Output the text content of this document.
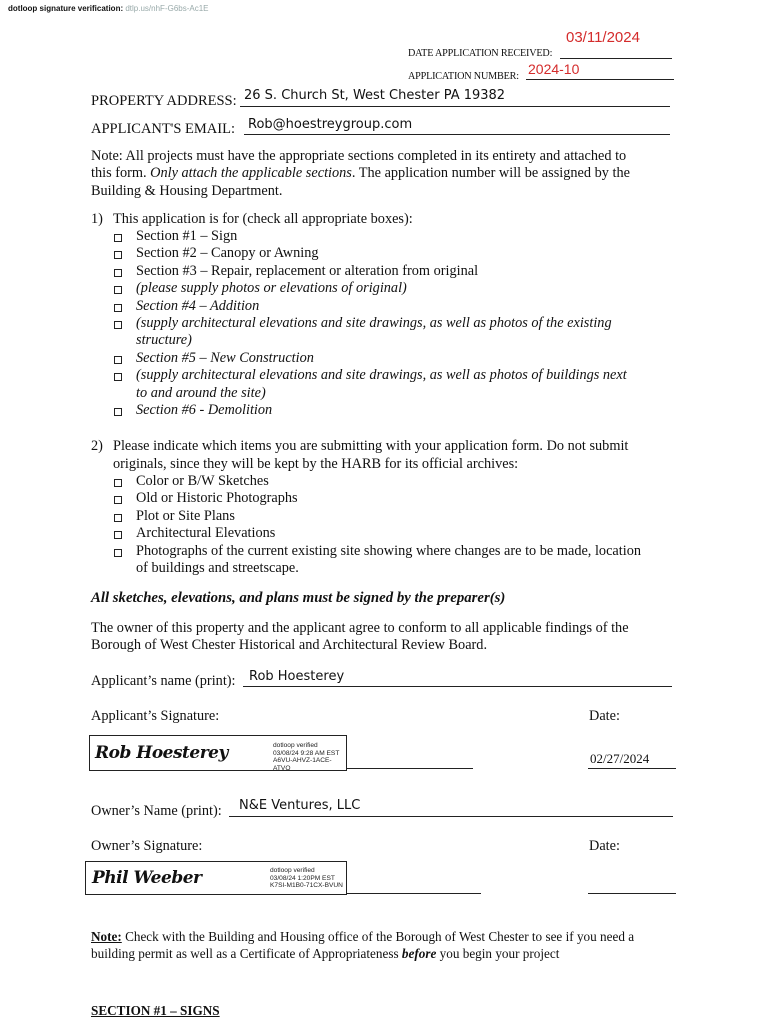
dotloop signature verification: dtlp.us/nhF-G6bs-Ac1E
03/11/2024
DATE APPLICATION RECEIVED:
APPLICATION NUMBER: 2024-10
PROPERTY ADDRESS: 26 S. Church St, West Chester PA 19382
APPLICANT'S EMAIL: Rob@hoestreygroup.com
Note: All projects must have the appropriate sections completed in its entirety and attached to
this form. Only attach the applicable sections. The application number will be assigned by the
Building & Housing Department.
1) This application is for (check all appropriate boxes):
Section #1 – Sign
Section #2 – Canopy or Awning
Section #3 – Repair, replacement or alteration from original
(please supply photos or elevations of original)
Section #4 – Addition
(supply architectural elevations and site drawings, as well as photos of the existing
structure)
Section #5 – New Construction
(supply architectural elevations and site drawings, as well as photos of buildings next
to and around the site)
Section #6 - Demolition
2) Please indicate which items you are submitting with your application form. Do not submit
originals, since they will be kept by the HARB for its official archives:
Color or B/W Sketches
Old or Historic Photographs
Plot or Site Plans
Architectural Elevations
Photographs of the current existing site showing where changes are to be made, location
of buildings and streetscape.
All sketches, elevations, and plans must be signed by the preparer(s)
The owner of this property and the applicant agree to conform to all applicable findings of the
Borough of West Chester Historical and Architectural Review Board.
Applicant’s name (print): Rob Hoesterey
Applicant’s Signature:	Date:
Rob Hoesterey	dotloop verified
03/08/24 9:28 AM EST
A6VU-AHVZ-1ACE-ATVO
02/27/2024
Owner’s Name (print): N&E Ventures, LLC
Owner’s Signature:	Date:
Phil Weeber	dotloop verified
03/08/24 1:20PM EST
K7SI-M1B0-71CX-BVUN
Note: Check with the Building and Housing office of the Borough of West Chester to see if you need a
building permit as well as a Certificate of Appropriateness before you begin your project
SECTION #1 – SIGNS
